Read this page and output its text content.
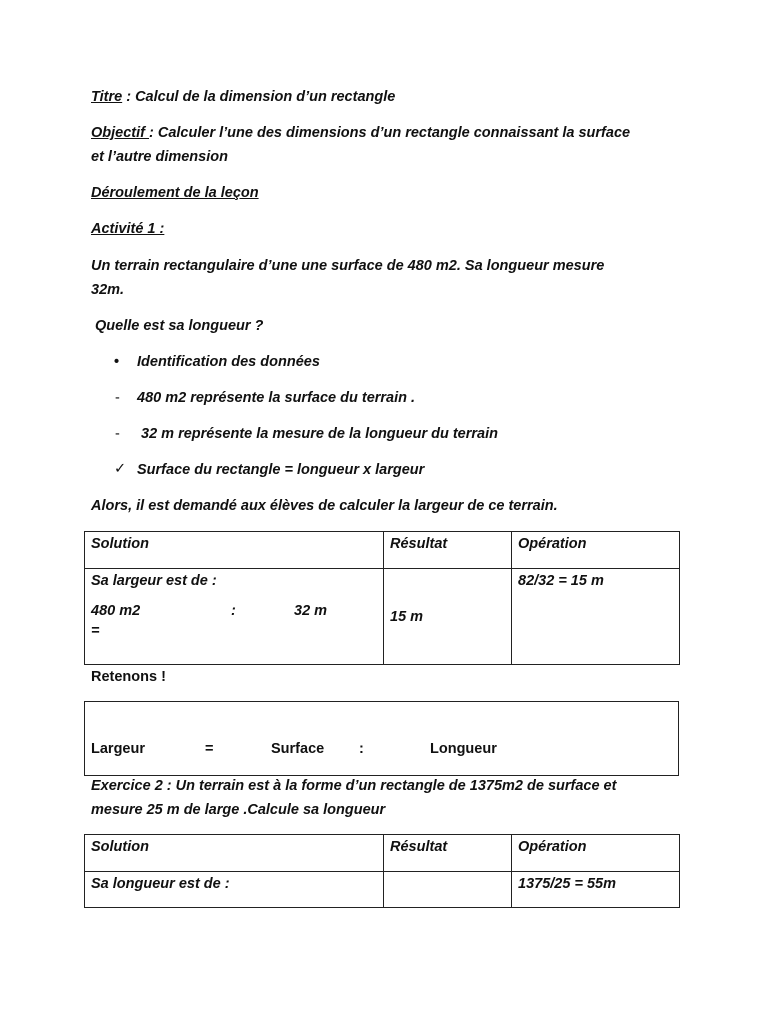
Titre : Calcul de la dimension d’un rectangle
Objectif : Calculer l’une des dimensions d’un rectangle connaissant la surface
et l’autre dimension
Déroulement de la leçon
Activité 1 :
Un terrain rectangulaire d’une une surface de 480 m2. Sa longueur mesure
32m.
Quelle est sa longueur ?
• Identification des données
- 480 m2 représente la surface du terrain .
- 32 m représente la mesure de la longueur du terrain
✓ Surface du rectangle = longueur x largeur
Alors, il est demandé aux élèves de calculer la largeur de ce terrain.
Solution	Résultat	Opération

Sa largeur est de :
480 m2 : 32 m
=	15 m	82/32 = 15 m
Retenons !
Largeur	=	Surface :	Longueur
Exercice 2 : Un terrain est à la forme d’un rectangle de 1375m2 de surface et
mesure 25 m de large .Calcule sa longueur
Solution	Résultat	Opération
Sa longueur est de :		1375/25 = 55m
